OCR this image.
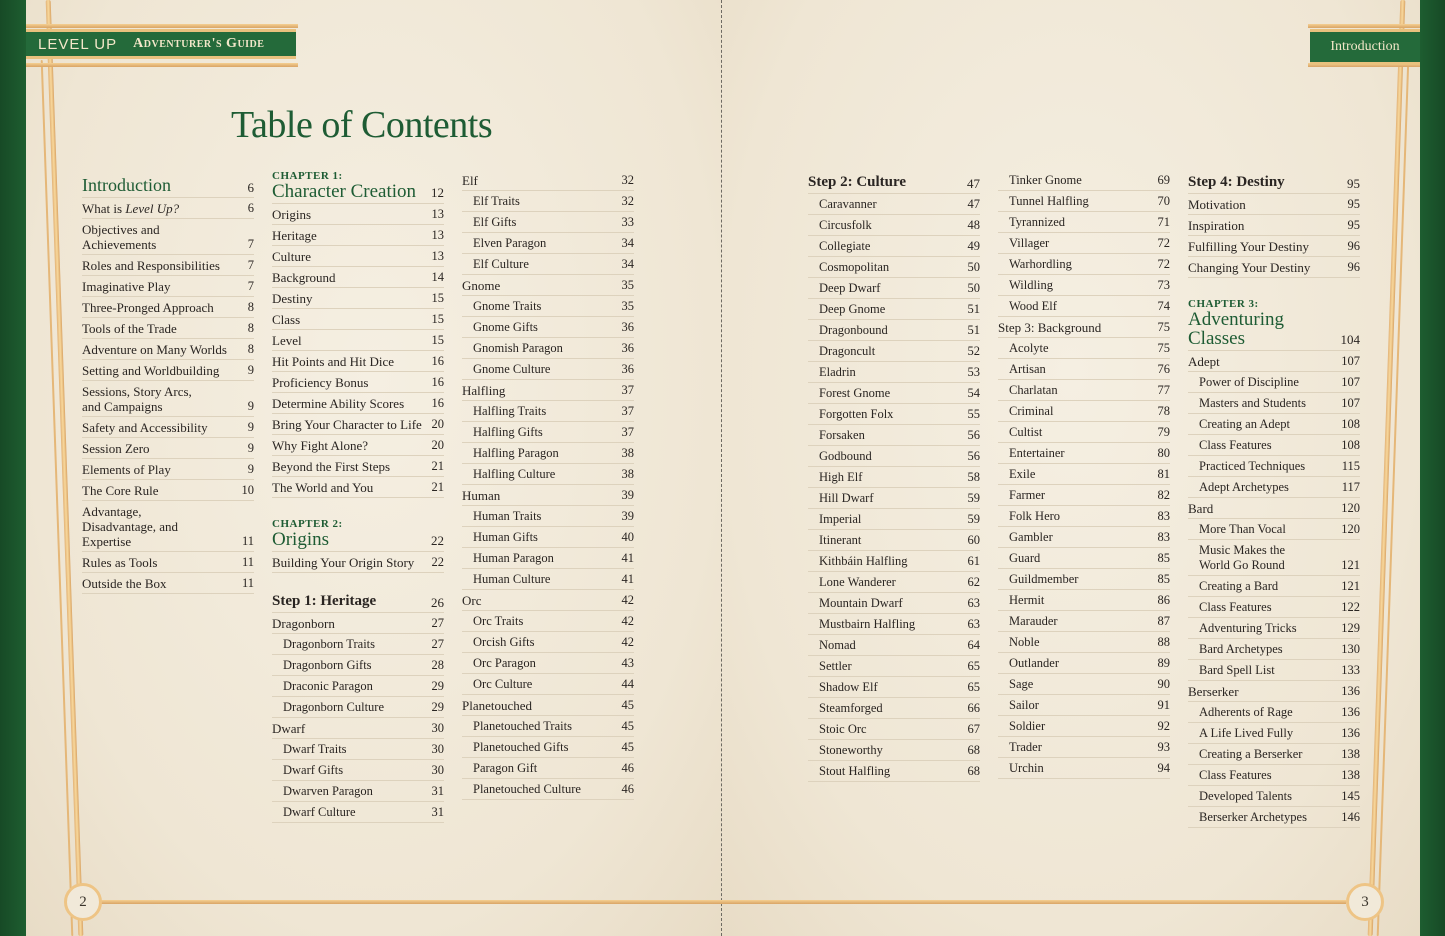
LEVEL UP Adventurer's Guide	Introduction
2	3
Table of Contents
Introduction	6
What is Level Up?	6
Objectives and Achievements	7
Roles and Responsibilities	7
Imaginative Play	7
Three-Pronged Approach	8
Tools of the Trade	8
Adventure on Many Worlds	8
Setting and Worldbuilding	9
Sessions, Story Arcs, and Campaigns	9
Safety and Accessibility	9
Session Zero	9
Elements of Play	9
The Core Rule	10
Advantage, Disadvantage, and Expertise	11
Rules as Tools	11
Outside the Box	11
CHAPTER 1:
Character Creation 12
Origins	13
Heritage	13
Culture	13
Background	14
Destiny	15
Class	15
Level	15
Hit Points and Hit Dice	16
Proficiency Bonus	16
Determine Ability Scores	16
Bring Your Character to Life 20
Why Fight Alone?	20
Beyond the First Steps	21
The World and You	21
CHAPTER 2:
Origins	22
Building Your Origin Story	22
Step 1: Heritage	26
Dragonborn	27
Dragonborn Traits	27
Dragonborn Gifts	28
Draconic Paragon	29
Dragonborn Culture	29
Dwarf	30
Dwarf Traits	30
Dwarf Gifts	30
Dwarven Paragon	31
Dwarf Culture	31
Elf	32
Elf Traits	32
Elf Gifts	33
Elven Paragon	34
Elf Culture	34
Gnome	35
Gnome Traits	35
Gnome Gifts	36
Gnomish Paragon	36
Gnome Culture	36
Halfling	37
Halfling Traits	37
Halfling Gifts	37
Halfling Paragon	38
Halfling Culture	38
Human	39
Human Traits	39
Human Gifts	40
Human Paragon	41
Human Culture	41
Orc	42
Orc Traits	42
Orcish Gifts	42
Orc Paragon	43
Orc Culture	44
Planetouched	45
Planetouched Traits	45
Planetouched Gifts	45
Paragon Gift	46
Planetouched Culture	46
Step 2: Culture	47
Caravanner	47
Circusfolk	48
Collegiate	49
Cosmopolitan	50
Deep Dwarf	50
Deep Gnome	51
Dragonbound	51
Dragoncult	52
Eladrin	53
Forest Gnome	54
Forgotten Folx	55
Forsaken	56
Godbound	56
High Elf	58
Hill Dwarf	59
Imperial	59
Itinerant	60
Kithbáin Halfling	61
Lone Wanderer	62
Mountain Dwarf	63
Mustbairn Halfling	63
Nomad	64
Settler	65
Shadow Elf	65
Steamforged	66
Stoic Orc	67
Stoneworthy	68
Stout Halfling	68
Tinker Gnome	69
Tunnel Halfling	70
Tyrannized	71
Villager	72
Warhordling	72
Wildling	73
Wood Elf	74
Step 3: Background	75
Acolyte	75
Artisan	76
Charlatan	77
Criminal	78
Cultist	79
Entertainer	80
Exile	81
Farmer	82
Folk Hero	83
Gambler	83
Guard	85
Guildmember	85
Hermit	86
Marauder	87
Noble	88
Outlander	89
Sage	90
Sailor	91
Soldier	92
Trader	93
Urchin	94
Step 4: Destiny	95
Motivation	95
Inspiration	95
Fulfilling Your Destiny	96
Changing Your Destiny	96
CHAPTER 3:
Adventuring
Classes	104
Adept	107
Power of Discipline	107
Masters and Students	107
Creating an Adept	108
Class Features	108
Practiced Techniques	115
Adept Archetypes	117
Bard	120
More Than Vocal	120
Music Makes the World Go Round	121
Creating a Bard	121
Class Features	122
Adventuring Tricks	129
Bard Archetypes	130
Bard Spell List	133
Berserker	136
Adherents of Rage	136
A Life Lived Fully	136
Creating a Berserker	138
Class Features	138
Developed Talents	145
Berserker Archetypes	146
